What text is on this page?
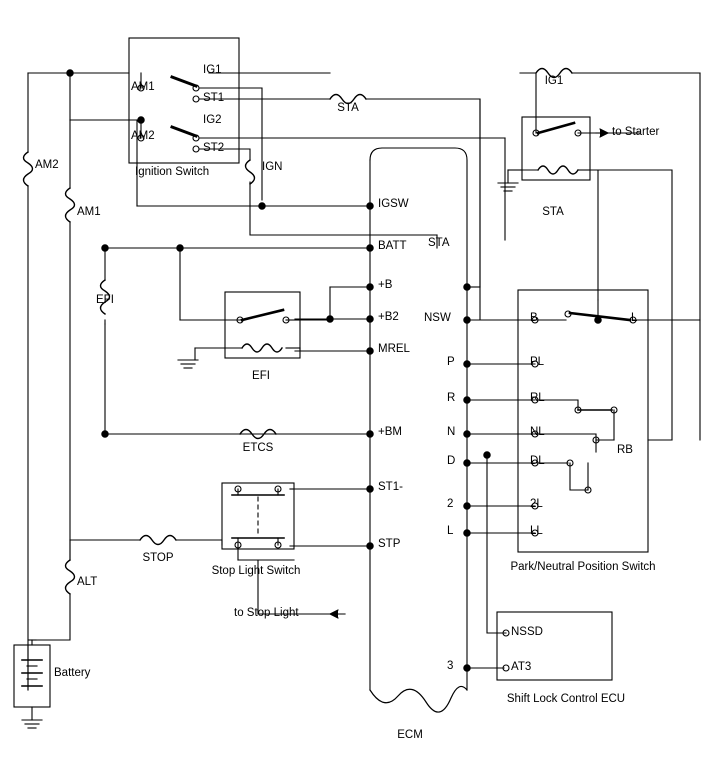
IG1
ST1
IG2
ST2
AM1
AM2
Ignition Switch
AM2
AM1
EFI
ALT
IGN
STA
IG1
STOP
ETCS
to Starter
STA
IGSW
BATT
+B
+B2
MREL
+BM
ST1-
STP
STA
NSW
P
R
N
D
2
L
3
ECM
B	L
PL
RL
NL
DL
2L
LL
RB
Park/Neutral Position Switch
NSSD
AT3
Shift Lock Control ECU
EFI
Stop Light Switch
to Stop Light
Battery
